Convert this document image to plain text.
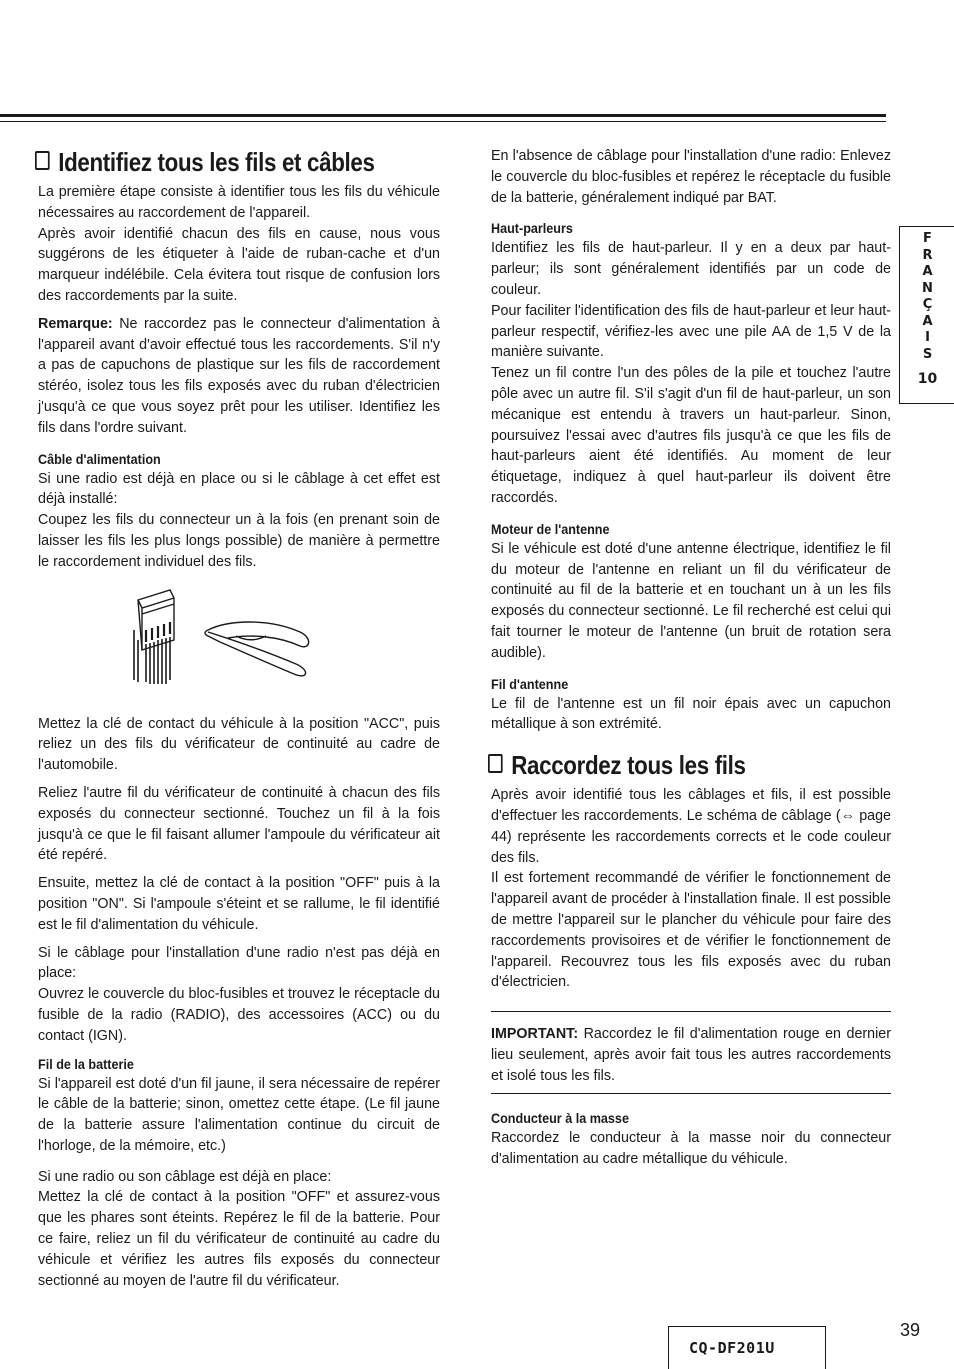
Identifiez tous les fils et câbles

La première étape consiste à identifier tous les fils du véhicule nécessaires au raccordement de l'appareil.

Après avoir identifié chacun des fils en cause, nous vous suggérons de les étiqueter à l'aide de ruban-cache et d'un marqueur indélébile. Cela évitera tout risque de confusion lors des raccordements par la suite.

Remarque: Ne raccordez pas le connecteur d'alimentation à l'appareil avant d'avoir effectué tous les raccordements. S'il n'y a pas de capuchons de plastique sur les fils de raccordement stéréo, isolez tous les fils exposés avec du ruban d'électricien j'usqu'à ce que vous soyez prêt pour les utiliser. Identifiez les fils dans l'ordre suivant.

Câble d'alimentation

Si une radio est déjà en place ou si le câblage à cet effet est déjà installé:

Coupez les fils du connecteur un à la fois (en prenant soin de laisser les fils les plus longs possible) de manière à permettre le raccordement individuel des fils.

Mettez la clé de contact du véhicule à la position "ACC", puis reliez un des fils du vérificateur de continuité au cadre de l'automobile.

Reliez l'autre fil du vérificateur de continuité à chacun des fils exposés du connecteur sectionné. Touchez un fil à la fois jusqu'à ce que le fil faisant allumer l'ampoule du vérificateur ait été repéré.

Ensuite, mettez la clé de contact à la position "OFF" puis à la position "ON". Si l'ampoule s'éteint et se rallume, le fil identifié est le fil d'alimentation du véhicule.

Si le câblage pour l'installation d'une radio n'est pas déjà en place:

Ouvrez le couvercle du bloc-fusibles et trouvez le réceptacle du fusible de la radio (RADIO), des accessoires (ACC) ou du contact (IGN).

Fil de la batterie

Si l'appareil est doté d'un fil jaune, il sera nécessaire de repérer le câble de la batterie; sinon, omettez cette étape. (Le fil jaune de la batterie assure l'alimentation continue du circuit de l'horloge, de la mémoire, etc.)

Si une radio ou son câblage est déjà en place:

Mettez la clé de contact à la position "OFF" et assurez-vous que les phares sont éteints. Repérez le fil de la batterie. Pour ce faire, reliez un fil du vérificateur de continuité au cadre du véhicule et vérifiez les autres fils exposés du connecteur sectionné au moyen de l'autre fil du vérificateur.

En l'absence de câblage pour l'installation d'une radio: Enlevez le couvercle du bloc-fusibles et repérez le réceptacle du fusible de la batterie, généralement indiqué par BAT.

Haut-parleurs

Identifiez les fils de haut-parleur. Il y en a deux par haut-parleur; ils sont généralement identifiés par un code de couleur.

Pour faciliter l'identification des fils de haut-parleur et leur haut-parleur respectif, vérifiez-les avec une pile AA de 1,5 V de la manière suivante.

Tenez un fil contre l'un des pôles de la pile et touchez l'autre pôle avec un autre fil. S'il s'agit d'un fil de haut-parleur, un son mécanique est entendu à travers un haut-parleur. Sinon, poursuivez l'essai avec d'autres fils jusqu'à ce que les fils de haut-parleurs aient été identifiés. Au moment de leur étiquetage, indiquez à quel haut-parleur ils doivent être raccordés.

Moteur de l'antenne

Si le véhicule est doté d'une antenne électrique, identifiez le fil du moteur de l'antenne en reliant un fil du vérificateur de continuité au fil de la batterie et en touchant un à un les fils exposés du connecteur sectionné. Le fil recherché est celui qui fait tourner le moteur de l'antenne (un bruit de rotation sera audible).

Fil d'antenne

Le fil de l'antenne est un fil noir épais avec un capuchon métallique à son extrémité.

Raccordez tous les fils

Après avoir identifié tous les câblages et fils, il est possible d'effectuer les raccordements. Le schéma de câblage (⇔ page 44) représente les raccordements corrects et le code couleur des fils.

Il est fortement recommandé de vérifier le fonctionnement de l'appareil avant de procéder à l'installation finale. Il est possible de mettre l'appareil sur le plancher du véhicule pour faire des raccordements provisoires et de vérifier le fonctionnement de l'appareil. Recouvrez tous les fils exposés avec du ruban d'électricien.

IMPORTANT: Raccordez le fil d'alimentation rouge en dernier lieu seulement, après avoir fait tous les autres raccordements et isolé tous les fils.

Conducteur à la masse

Raccordez le conducteur à la masse noir du connecteur d'alimentation au cadre métallique du véhicule.

F
R
A
N
Ç
A
I
S
10
CQ-DF201U
39
